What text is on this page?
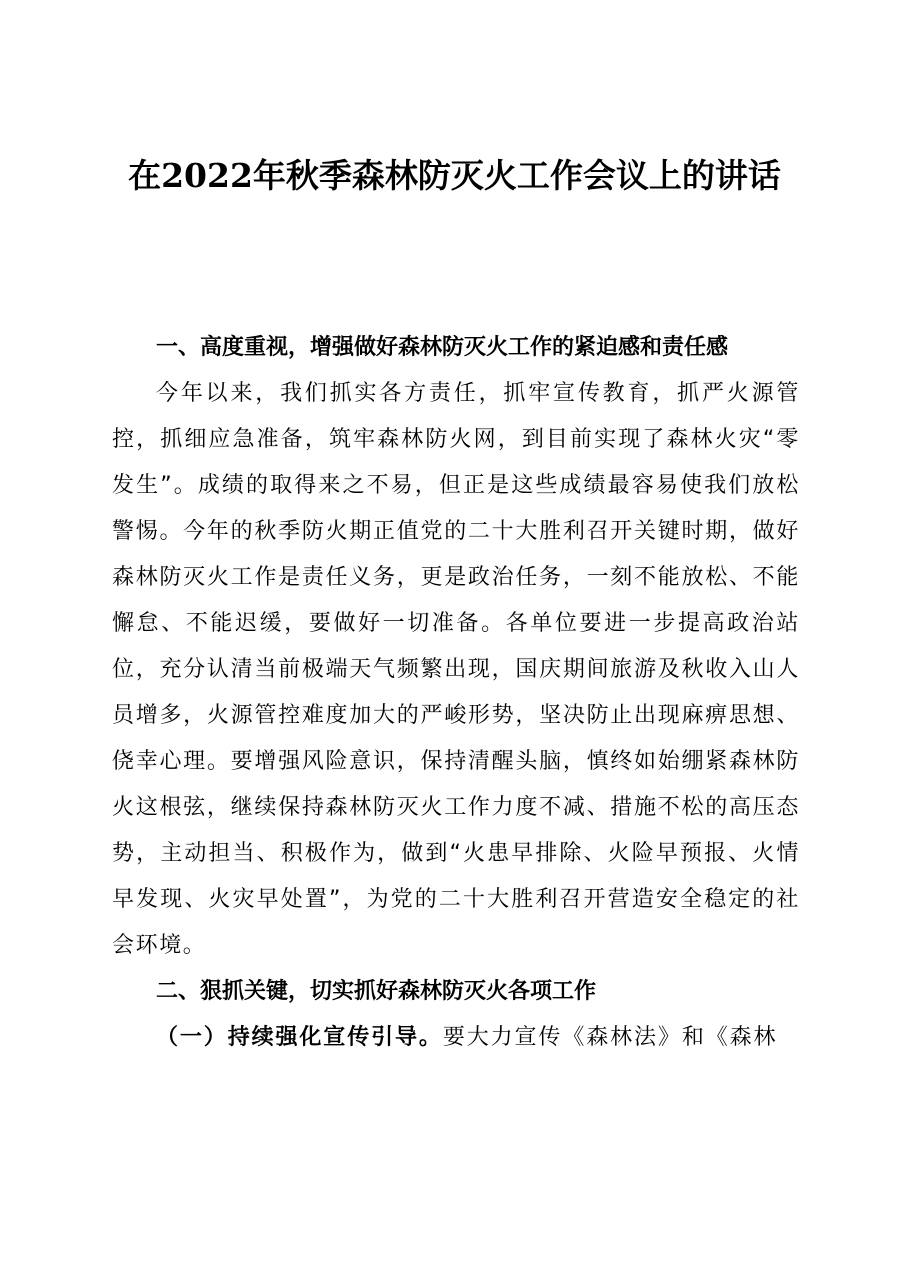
在2022年秋季森林防灭火工作会议上的讲话

一、高度重视，增强做好森林防灭火工作的紧迫感和责任感

今年以来，我们抓实各方责任，抓牢宣传教育，抓严火源管控，抓细应急准备，筑牢森林防火网，到目前实现了森林火灾“零发生”。成绩的取得来之不易，但正是这些成绩最容易使我们放松警惕。今年的秋季防火期正值党的二十大胜利召开关键时期，做好森林防灭火工作是责任义务，更是政治任务，一刻不能放松、不能懈怠、不能迟缓，要做好一切准备。各单位要进一步提高政治站位，充分认清当前极端天气频繁出现，国庆期间旅游及秋收入山人员增多，火源管控难度加大的严峻形势，坚决防止出现麻痹思想、侥幸心理。要增强风险意识，保持清醒头脑，慎终如始绷紧森林防火这根弦，继续保持森林防灭火工作力度不减、措施不松的高压态势，主动担当、积极作为，做到“火患早排除、火险早预报、火情早发现、火灾早处置”，为党的二十大胜利召开营造安全稳定的社会环境。

二、狠抓关键，切实抓好森林防灭火各项工作

（一）持续强化宣传引导。要大力宣传《森林法》和《森林
